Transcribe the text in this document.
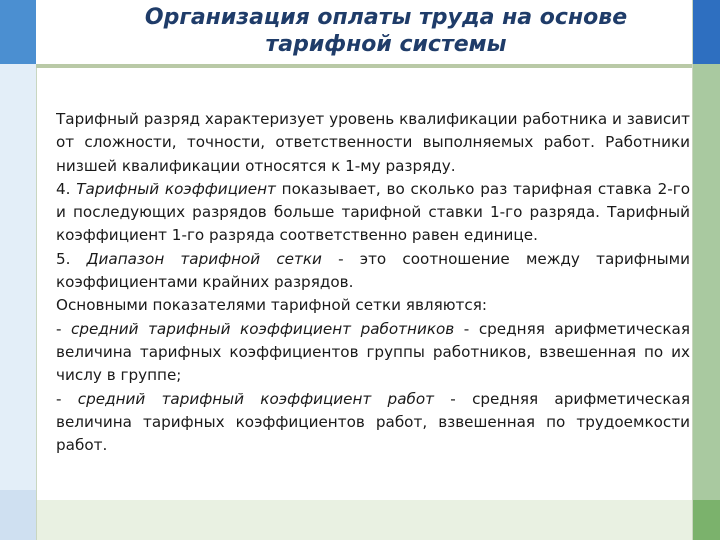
Организация оплаты труда на основе
тарифной системы

Тарифный разряд характеризует уровень квалификации работника и зависит от сложности, точности, ответственности выполняемых работ. Работники низшей квалификации относятся к 1-му разряду.

4. Тарифный коэффициент показывает, во сколько раз тарифная ставка 2-го и последующих разрядов больше тарифной ставки 1-го разряда. Тарифный коэффициент 1-го разряда соответственно равен единице.

5. Диапазон тарифной сетки - это соотношение между тарифными коэффициентами крайних разрядов.

Основными показателями тарифной сетки являются:

- средний тарифный коэффициент работников - средняя арифметическая величина тарифных коэффициентов группы работников, взвешенная по их числу в группе;

- средний тарифный коэффициент работ - средняя арифметическая величина тарифных коэффициентов работ, взвешенная по трудоемкости работ.
